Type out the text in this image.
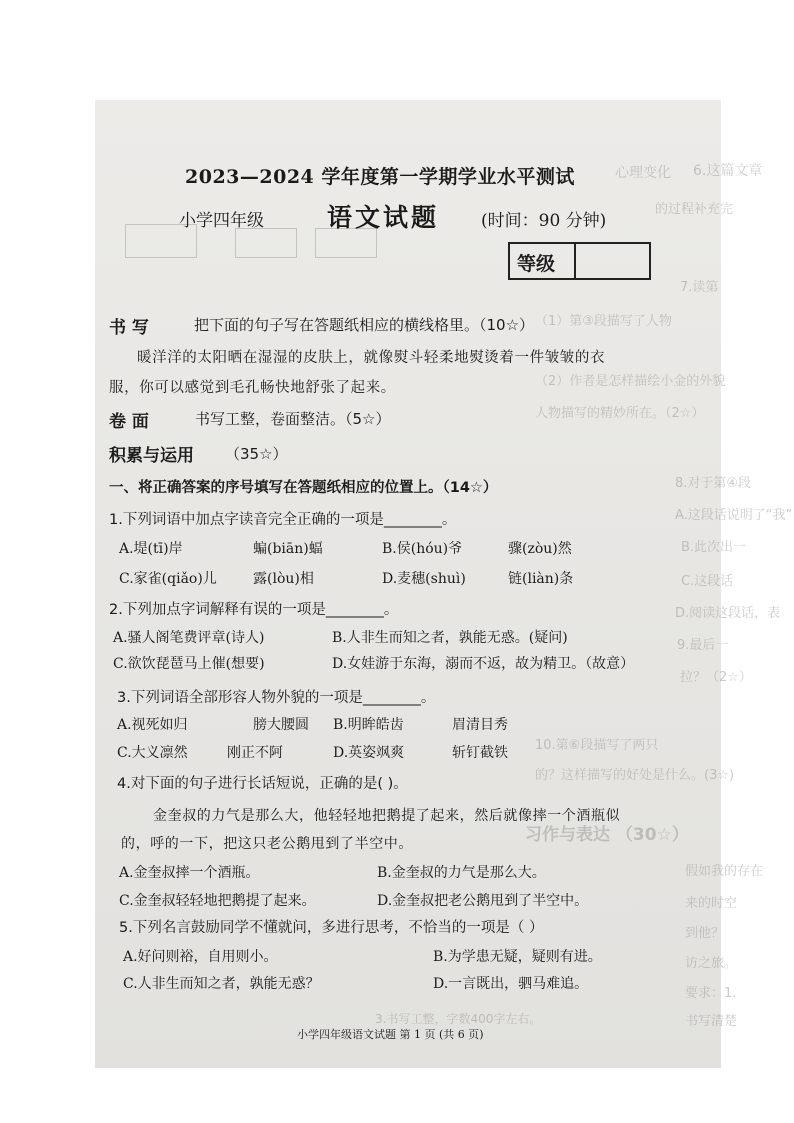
6.这篇文章
心理变化
的过程补充完
7.读第
（1）第③段描写了人物
（2）作者是怎样描绘小金的外貌
人物描写的精妙所在。（2☆）
8.对于第④段
A.这段话说明了“我”
B.此次出一
C.这段话
D.阅读这段话，表
9.最后一
拉？（2☆）
10.第⑥段描写了两只
的？这样描写的好处是什么。(3☆)
习作与表达 （30☆）
假如我的存在
来的时空
到他？
访之旅。
要求：1.
书写清楚
3.书写工整，字数400字左右。
2023—2024 学年度第一学期学业水平测试
小学四年级	语文试题 (时间：90 分钟)
等级
书 写	把下面的句子写在答题纸相应的横线格里。（10☆）
暖洋洋的太阳晒在湿湿的皮肤上，就像熨斗轻柔地熨烫着一件皱皱的衣
服，你可以感觉到毛孔畅快地舒张了起来。
卷 面	书写工整，卷面整洁。（5☆）
积累与运用 （35☆）
一、将正确答案的序号填写在答题纸相应的位置上。（14☆）
1.下列词语中加点字读音完全正确的一项是________。
A.堤(tī)岸	蝙(biān)蝠	B.侯(hóu)爷	骤(zòu)然
C.家雀(qiǎo)儿	露(lòu)相	D.麦穗(shuì)	链(liàn)条
2.下列加点字词解释有误的一项是________。
A.骚人阁笔费评章(诗人)	B.人非生而知之者，孰能无惑。(疑问)
C.欲饮琵琶马上催(想要)	D.女娃游于东海，溺而不返，故为精卫。（故意）
3.下列词语全部形容人物外貌的一项是________。
A.视死如归	膀大腰圆 B.明眸皓齿	眉清目秀
C.大义凛然	刚正不阿	D.英姿飒爽	斩钉截铁
4.对下面的句子进行长话短说，正确的是( )。
金奎叔的力气是那么大，他轻轻地把鹅提了起来，然后就像摔一个酒瓶似
的，呼的一下，把这只老公鹅甩到了半空中。
A.金奎叔摔一个酒瓶。	B.金奎叔的力气是那么大。
C.金奎叔轻轻地把鹅提了起来。	D.金奎叔把老公鹅甩到了半空中。
5.下列名言鼓励同学不懂就问，多进行思考，不恰当的一项是（ ）
A.好问则裕，自用则小。	B.为学患无疑，疑则有进。
C.人非生而知之者，孰能无惑？	D.一言既出，驷马难追。
小学四年级语文试题 第 1 页 (共 6 页)
